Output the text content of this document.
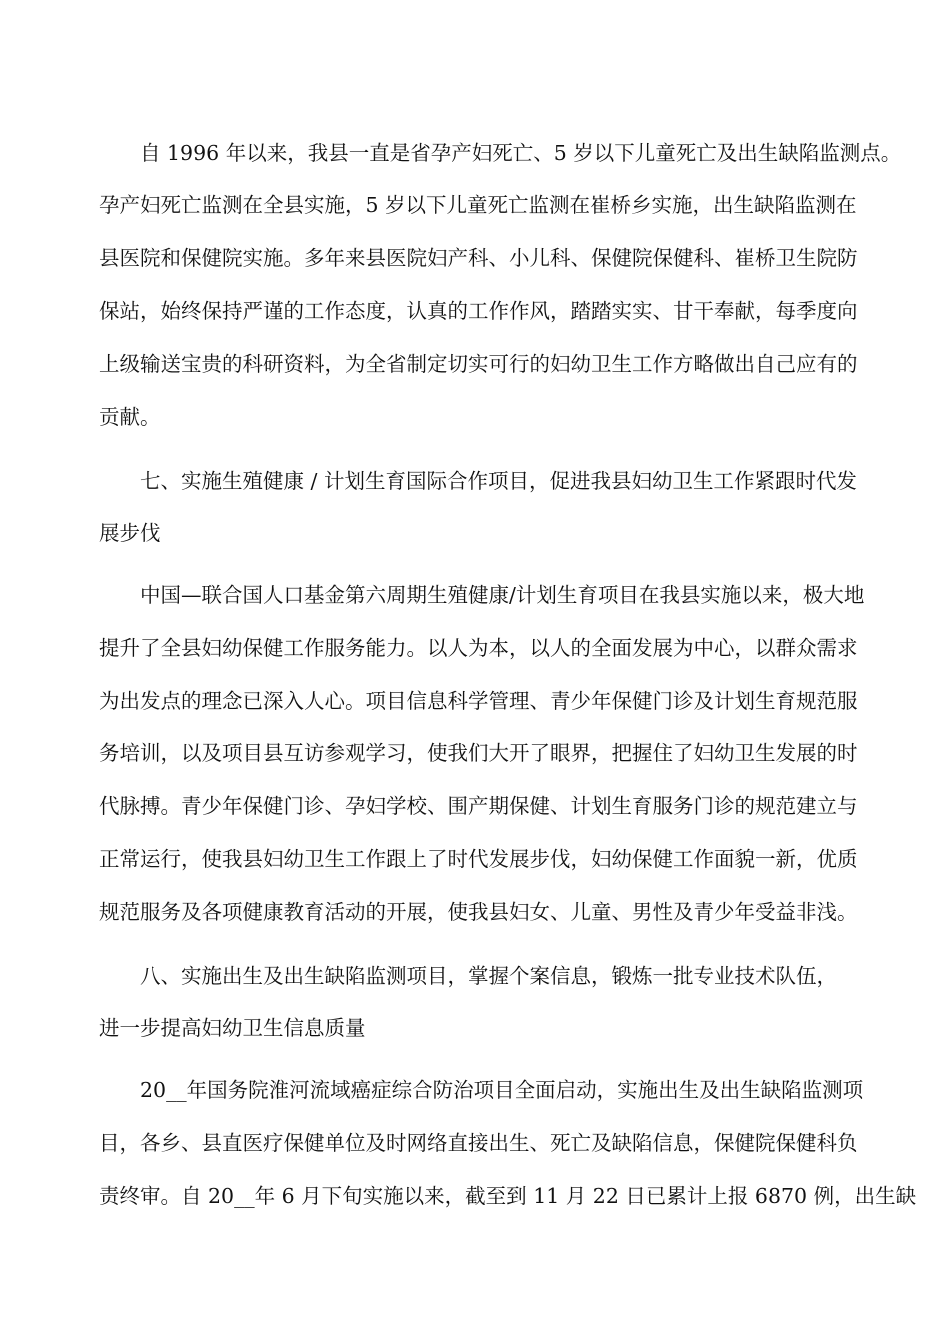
自 1996 年以来，我县一直是省孕产妇死亡、5 岁以下儿童死亡及出生缺陷监测点。
孕产妇死亡监测在全县实施，5 岁以下儿童死亡监测在崔桥乡实施，出生缺陷监测在
县医院和保健院实施。多年来县医院妇产科、小儿科、保健院保健科、崔桥卫生院防
保站，始终保持严谨的工作态度，认真的工作作风，踏踏实实、甘干奉献，每季度向
上级输送宝贵的科研资料，为全省制定切实可行的妇幼卫生工作方略做出自己应有的
贡献。
七、实施生殖健康 / 计划生育国际合作项目，促进我县妇幼卫生工作紧跟时代发
展步伐
中国—联合国人口基金第六周期生殖健康/计划生育项目在我县实施以来，极大地
提升了全县妇幼保健工作服务能力。以人为本，以人的全面发展为中心，以群众需求
为出发点的理念已深入人心。项目信息科学管理、青少年保健门诊及计划生育规范服
务培训，以及项目县互访参观学习，使我们大开了眼界，把握住了妇幼卫生发展的时
代脉搏。青少年保健门诊、孕妇学校、围产期保健、计划生育服务门诊的规范建立与
正常运行，使我县妇幼卫生工作跟上了时代发展步伐，妇幼保健工作面貌一新，优质
规范服务及各项健康教育活动的开展，使我县妇女、儿童、男性及青少年受益非浅。
八、实施出生及出生缺陷监测项目，掌握个案信息，锻炼一批专业技术队伍，
进一步提高妇幼卫生信息质量
20__年国务院淮河流域癌症综合防治项目全面启动，实施出生及出生缺陷监测项
目，各乡、县直医疗保健单位及时网络直接出生、死亡及缺陷信息，保健院保健科负
责终审。自 20__年 6 月下旬实施以来，截至到 11 月 22 日已累计上报 6870 例，出生缺
